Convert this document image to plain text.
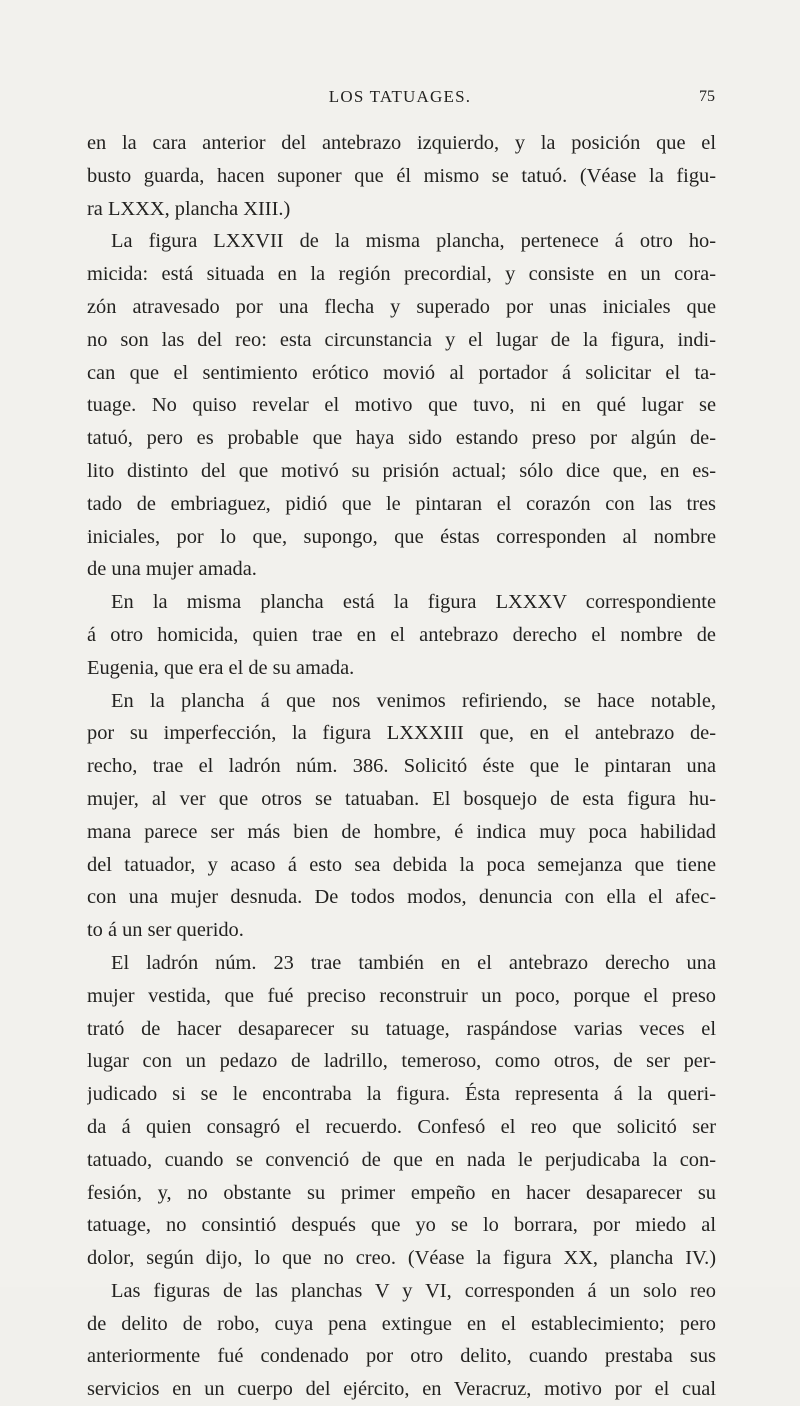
LOS TATUAGES.	75
en la cara anterior del antebrazo izquierdo, y la posición que el
busto guarda, hacen suponer que él mismo se tatuó. (Véase la figu-
ra LXXX, plancha XIII.)
La figura LXXVII de la misma plancha, pertenece á otro ho-
micida: está situada en la región precordial, y consiste en un cora-
zón atravesado por una flecha y superado por unas iniciales que
no son las del reo: esta circunstancia y el lugar de la figura, indi-
can que el sentimiento erótico movió al portador á solicitar el ta-
tuage. No quiso revelar el motivo que tuvo, ni en qué lugar se
tatuó, pero es probable que haya sido estando preso por algún de-
lito distinto del que motivó su prisión actual; sólo dice que, en es-
tado de embriaguez, pidió que le pintaran el corazón con las tres
iniciales, por lo que, supongo, que éstas corresponden al nombre
de una mujer amada.
En la misma plancha está la figura LXXXV correspondiente
á otro homicida, quien trae en el antebrazo derecho el nombre de
Eugenia, que era el de su amada.
En la plancha á que nos venimos refiriendo, se hace notable,
por su imperfección, la figura LXXXIII que, en el antebrazo de-
recho, trae el ladrón núm. 386. Solicitó éste que le pintaran una
mujer, al ver que otros se tatuaban. El bosquejo de esta figura hu-
mana parece ser más bien de hombre, é indica muy poca habilidad
del tatuador, y acaso á esto sea debida la poca semejanza que tiene
con una mujer desnuda. De todos modos, denuncia con ella el afec-
to á un ser querido.
El ladrón núm. 23 trae también en el antebrazo derecho una
mujer vestida, que fué preciso reconstruir un poco, porque el preso
trató de hacer desaparecer su tatuage, raspándose varias veces el
lugar con un pedazo de ladrillo, temeroso, como otros, de ser per-
judicado si se le encontraba la figura. Ésta representa á la queri-
da á quien consagró el recuerdo. Confesó el reo que solicitó ser
tatuado, cuando se convenció de que en nada le perjudicaba la con-
fesión, y, no obstante su primer empeño en hacer desaparecer su
tatuage, no consintió después que yo se lo borrara, por miedo al
dolor, según dijo, lo que no creo. (Véase la figura XX, plancha IV.)
Las figuras de las planchas V y VI, corresponden á un solo reo
de delito de robo, cuya pena extingue en el establecimiento; pero
anteriormente fué condenado por otro delito, cuando prestaba sus
servicios en un cuerpo del ejército, en Veracruz, motivo por el cual
